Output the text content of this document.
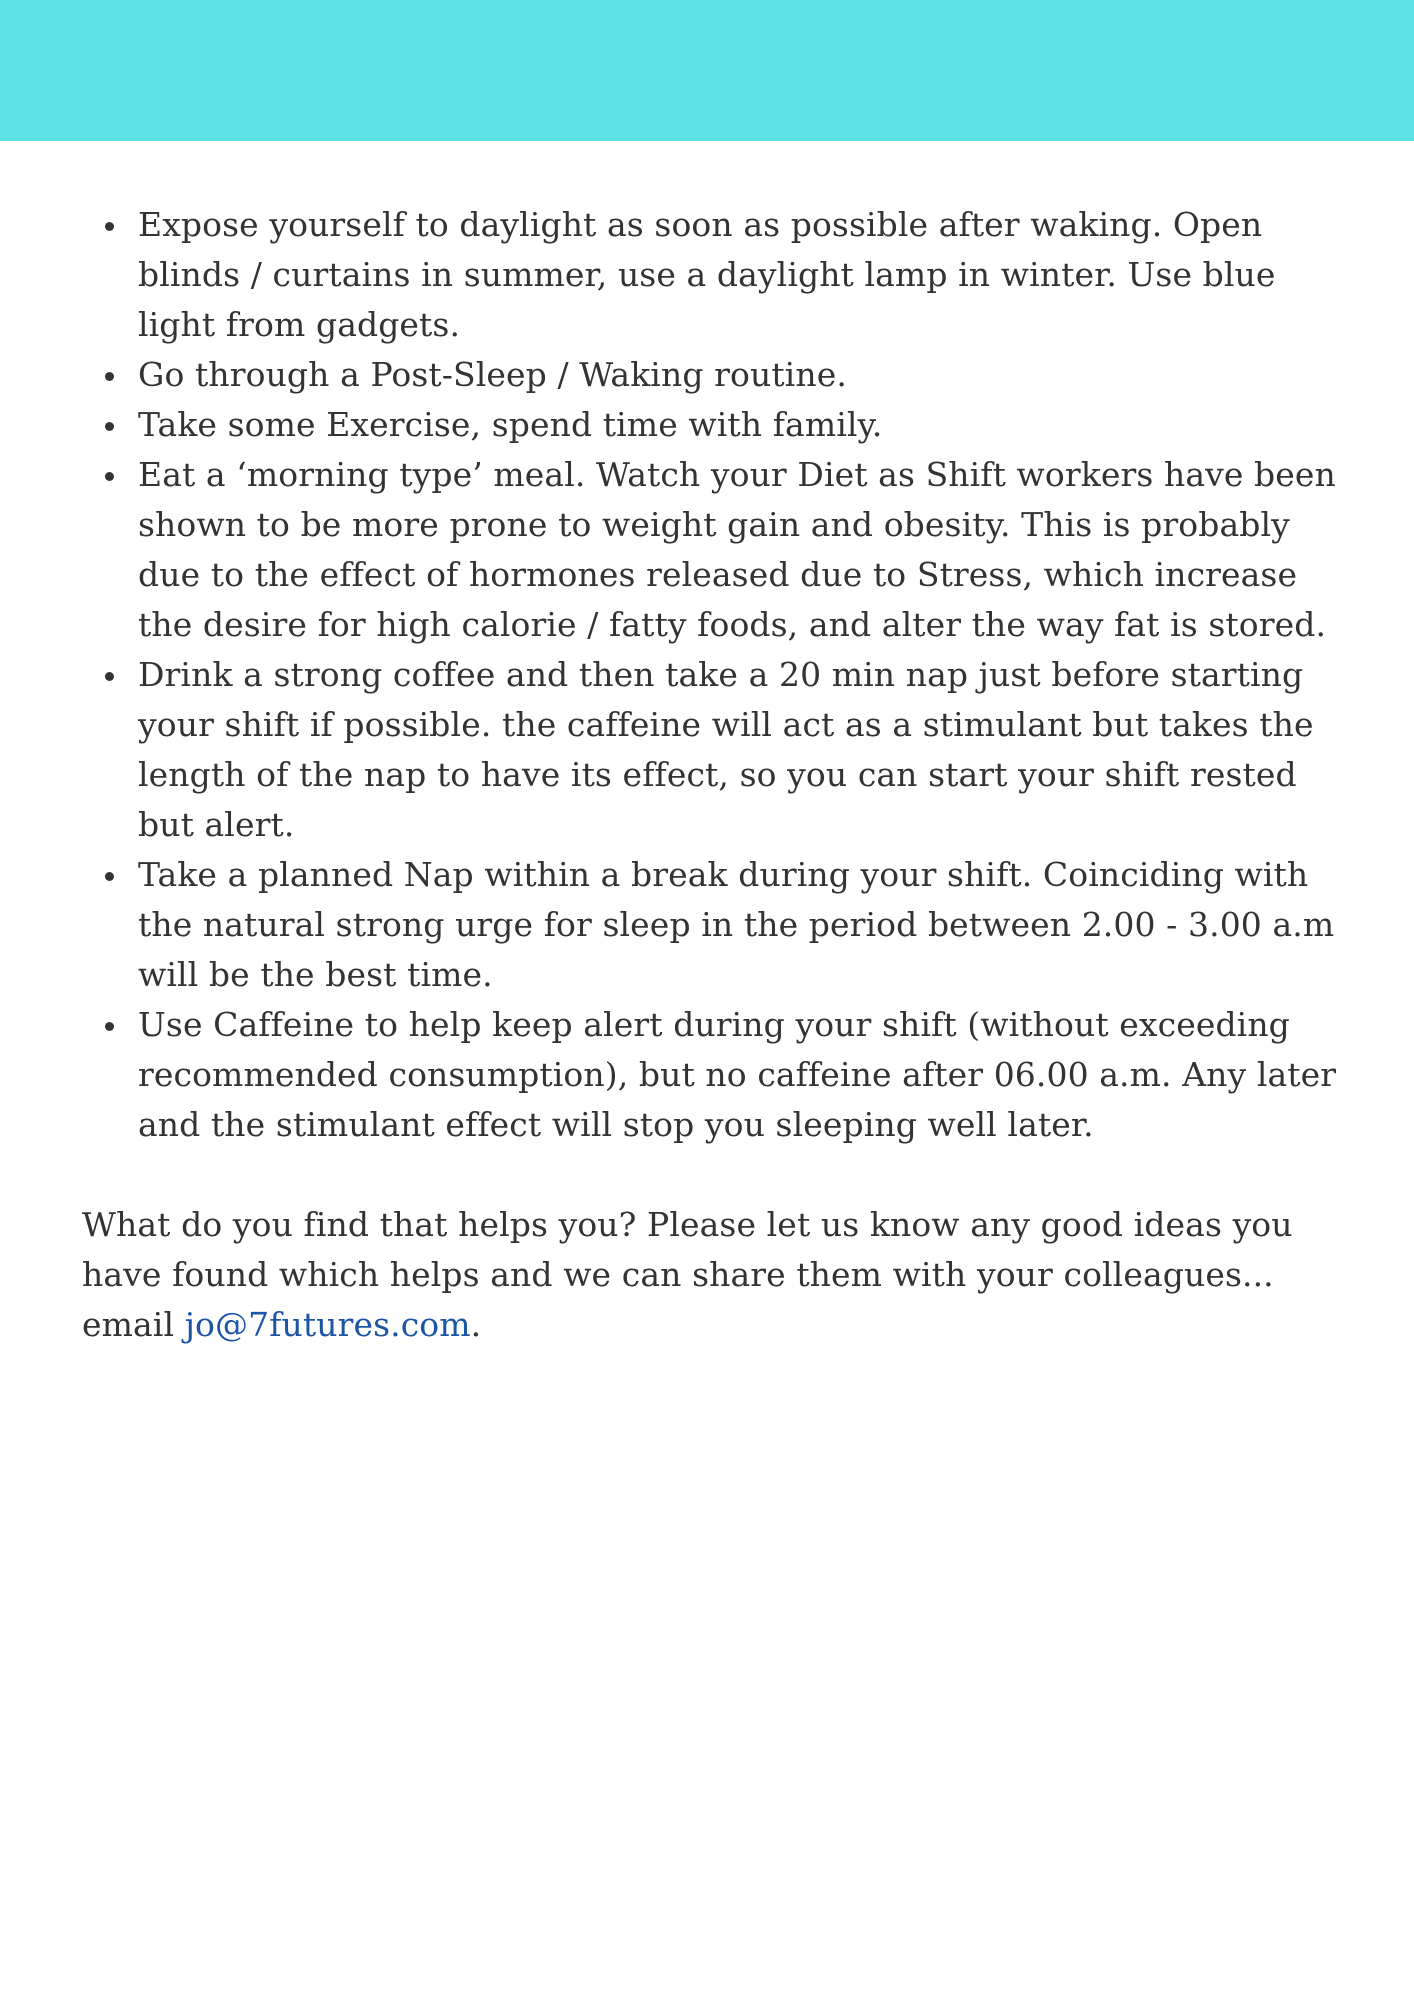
Expose yourself to daylight as soon as possible after waking. Open blinds / curtains in summer, use a daylight lamp in winter. Use blue light from gadgets.
Go through a Post-Sleep / Waking routine.
Take some Exercise, spend time with family.
Eat a ‘morning type’ meal. Watch your Diet as Shift workers have been shown to be more prone to weight gain and obesity. This is probably due to the effect of hormones released due to Stress, which increase the desire for high calorie / fatty foods, and alter the way fat is stored.
Drink a strong coffee and then take a 20 min nap just before starting your shift if possible. the caffeine will act as a stimulant but takes the length of the nap to have its effect, so you can start your shift rested but alert.
Take a planned Nap within a break during your shift. Coinciding with the natural strong urge for sleep in the period between 2.00 - 3.00 a.m will be the best time.
Use Caffeine to help keep alert during your shift (without exceeding recommended consumption), but no caffeine after 06.00 a.m. Any later and the stimulant effect will stop you sleeping well later.

What do you find that helps you? Please let us know any good ideas you have found which helps and we can share them with your colleagues... email jo@7futures.com.
